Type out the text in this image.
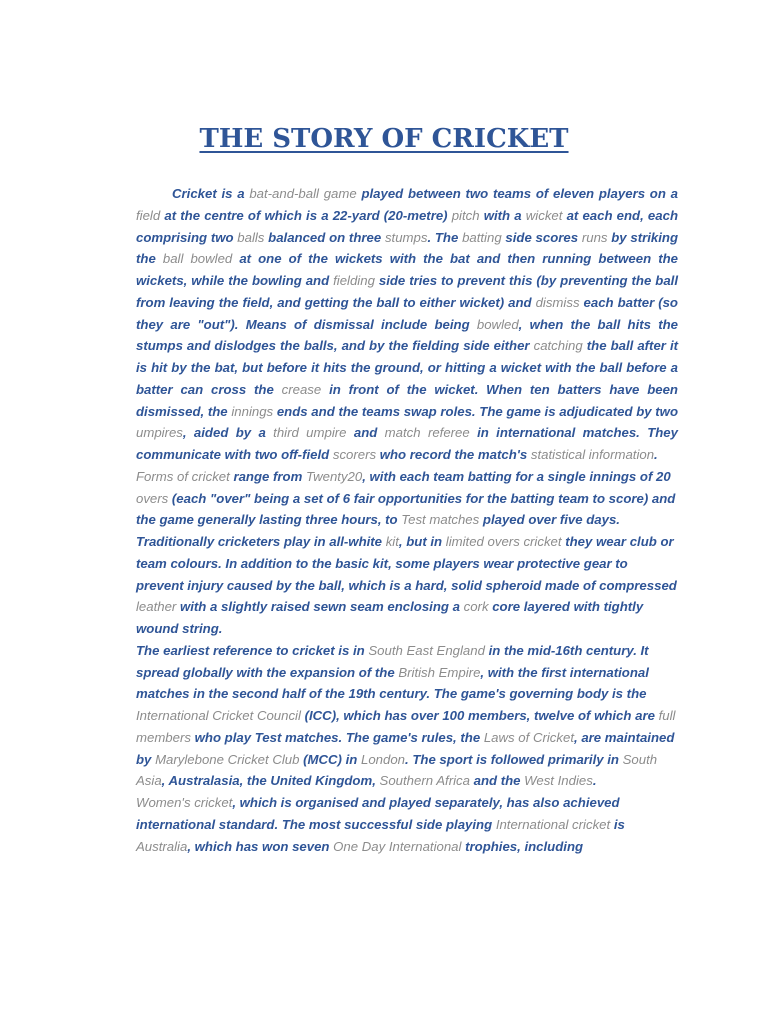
THE STORY OF CRICKET

Cricket is a bat-and-ball game played between two teams of eleven players on a field at the centre of which is a 22-yard (20-metre) pitch with a wicket at each end, each comprising two balls balanced on three stumps. The batting side scores runs by striking the ball bowled at one of the wickets with the bat and then running between the wickets, while the bowling and fielding side tries to prevent this (by preventing the ball from leaving the field, and getting the ball to either wicket) and dismiss each batter (so they are "out"). Means of dismissal include being bowled, when the ball hits the stumps and dislodges the balls, and by the fielding side either catching the ball after it is hit by the bat, but before it hits the ground, or hitting a wicket with the ball before a batter can cross the crease in front of the wicket. When ten batters have been dismissed, the innings ends and the teams swap roles. The game is adjudicated by two umpires, aided by a third umpire and match referee in international matches. They communicate with two off-field scorers who record the match's statistical information.

Forms of cricket range from Twenty20, with each team batting for a single innings of 20 overs (each "over" being a set of 6 fair opportunities for the batting team to score) and the game generally lasting three hours, to Test matches played over five days. Traditionally cricketers play in all-white kit, but in limited overs cricket they wear club or team colours. In addition to the basic kit, some players wear protective gear to prevent injury caused by the ball, which is a hard, solid spheroid made of compressed leather with a slightly raised sewn seam enclosing a cork core layered with tightly wound string.

The earliest reference to cricket is in South East England in the mid-16th century. It spread globally with the expansion of the British Empire, with the first international matches in the second half of the 19th century. The game's governing body is the International Cricket Council (ICC), which has over 100 members, twelve of which are full members who play Test matches. The game's rules, the Laws of Cricket, are maintained by Marylebone Cricket Club (MCC) in London. The sport is followed primarily in South Asia, Australasia, the United Kingdom, Southern Africa and the West Indies.

Women's cricket, which is organised and played separately, has also achieved international standard. The most successful side playing International cricket is Australia, which has won seven One Day International trophies, including
